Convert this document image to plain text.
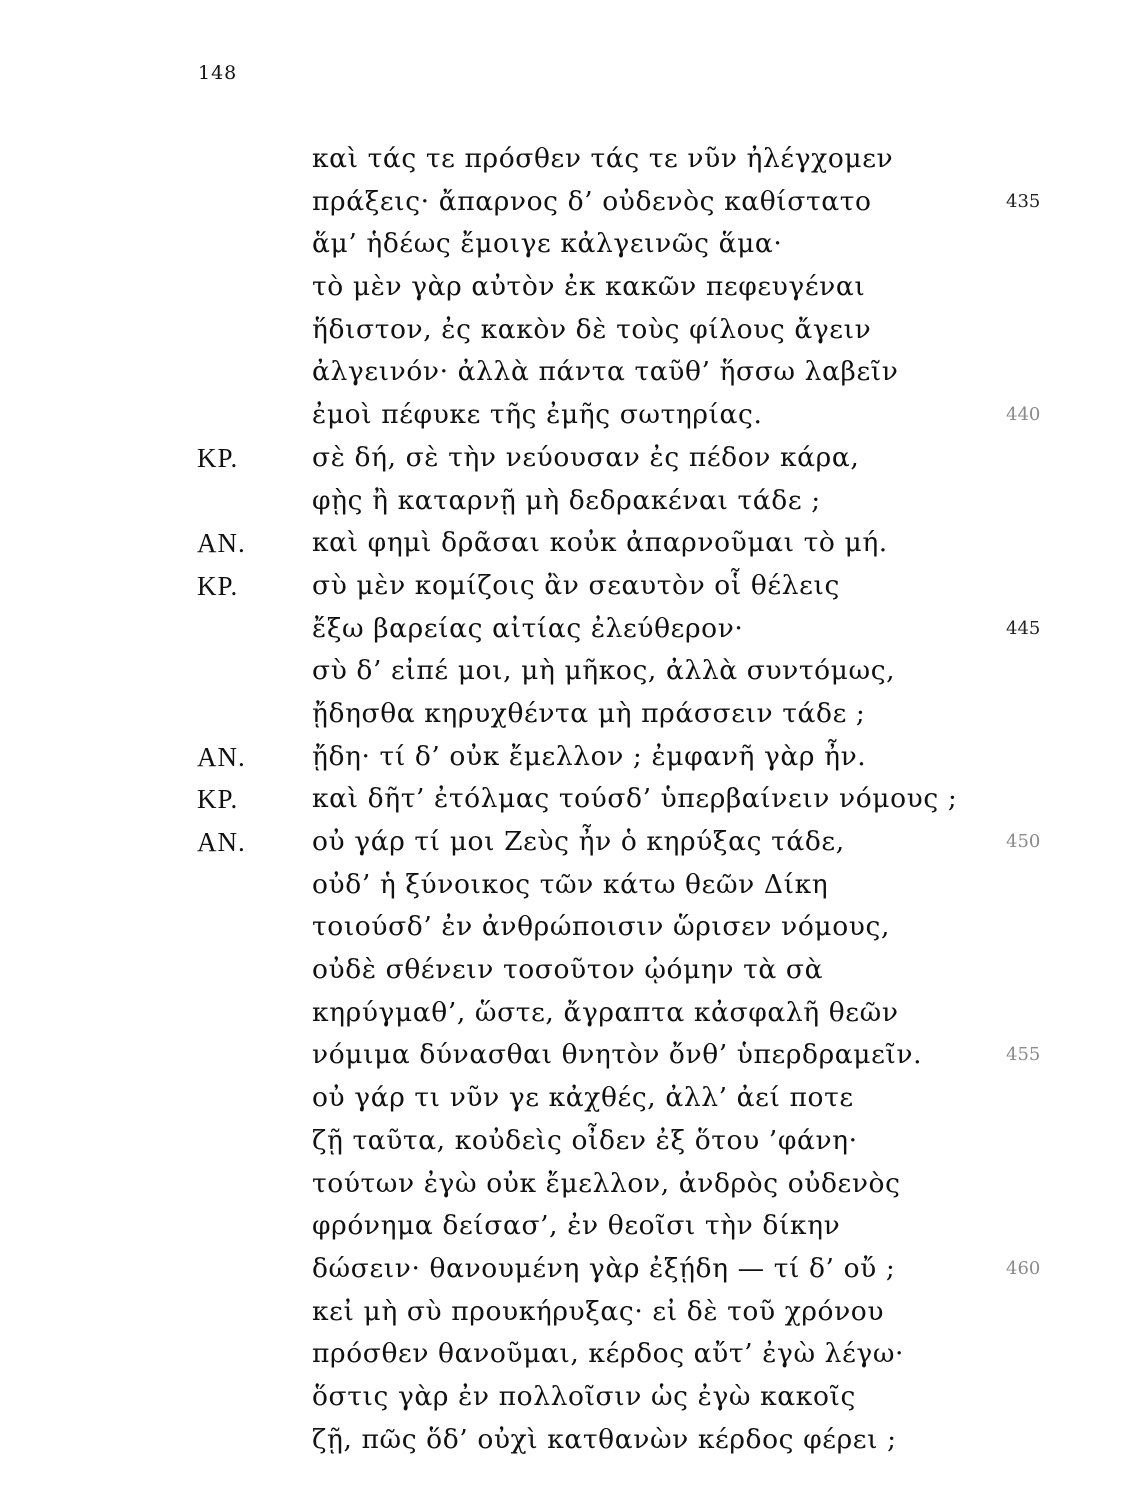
148
καὶ τάς τε πρόσθεν τάς τε νῦν ἠλέγχομεν
πράξεις· ἄπαρνος δ’ οὐδενὸς καθίστατο	435
ἅμ’ ἡδέως ἔμοιγε κἀλγεινῶς ἅμα·
τὸ μὲν γὰρ αὐτὸν ἐκ κακῶν πεφευγέναι
ἥδιστον, ἐς κακὸν δὲ τοὺς φίλους ἄγειν
ἀλγεινόν· ἀλλὰ πάντα ταῦθ’ ἥσσω λαβεῖν
ἐμοὶ πέφυκε τῆς ἐμῆς σωτηρίας.	440
ΚΡ.	σὲ δή, σὲ τὴν νεύουσαν ἐς πέδον κάρα,
φῂς ἢ καταρνῇ μὴ δεδρακέναι τάδε ;
ΑΝ.	καὶ φημὶ δρᾶσαι κοὐκ ἀπαρνοῦμαι τὸ μή.
ΚΡ.	σὺ μὲν κομίζοις ἂν σεαυτὸν οἷ θέλεις
ἔξω βαρείας αἰτίας ἐλεύθερον·	445
σὺ δ’ εἰπέ μοι, μὴ μῆκος, ἀλλὰ συντόμως,
ᾔδησθα κηρυχθέντα μὴ πράσσειν τάδε ;
ΑΝ.	ᾔδη· τί δ’ οὐκ ἔμελλον ; ἐμφανῆ γὰρ ἦν.
ΚΡ.	καὶ δῆτ’ ἐτόλμας τούσδ’ ὑπερβαίνειν νόμους ;
ΑΝ.	οὐ γάρ τί μοι Ζεὺς ἦν ὁ κηρύξας τάδε,	450
οὐδ’ ἡ ξύνοικος τῶν κάτω θεῶν Δίκη
τοιούσδ’ ἐν ἀνθρώποισιν ὥρισεν νόμους,
οὐδὲ σθένειν τοσοῦτον ᾠόμην τὰ σὰ
κηρύγμαθ’, ὥστε, ἄγραπτα κἀσφαλῆ θεῶν
νόμιμα δύνασθαι θνητὸν ὄνθ’ ὑπερδραμεῖν.	455
οὐ γάρ τι νῦν γε κἀχθές, ἀλλ’ ἀεί ποτε
ζῇ ταῦτα, κοὐδεὶς οἶδεν ἐξ ὅτου ’φάνη·
τούτων ἐγὼ οὐκ ἔμελλον, ἀνδρὸς οὐδενὸς
φρόνημα δείσασ’, ἐν θεοῖσι τὴν δίκην
δώσειν· θανουμένη γὰρ ἐξῄδη — τί δ’ οὔ ;	460
κεἰ μὴ σὺ προυκήρυξας· εἰ δὲ τοῦ χρόνου
πρόσθεν θανοῦμαι, κέρδος αὔτ’ ἐγὼ λέγω·
ὅστις γὰρ ἐν πολλοῖσιν ὡς ἐγὼ κακοῖς
ζῇ, πῶς ὅδ’ οὐχὶ κατθανὼν κέρδος φέρει ;
